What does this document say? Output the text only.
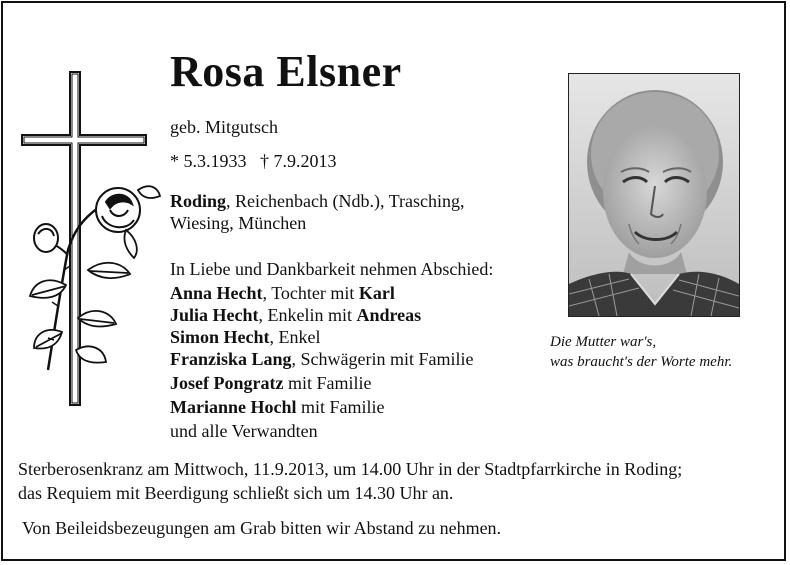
Rosa Elsner
geb. Mitgutsch
* 5.3.1933   † 7.9.2013
Roding, Reichenbach (Ndb.), Trasching,
Wiesing, München
In Liebe und Dankbarkeit nehmen Abschied:
Anna Hecht, Tochter mit Karl
Julia Hecht, Enkelin mit Andreas
Simon Hecht, Enkel
Franziska Lang, Schwägerin mit Familie
Josef Pongratz mit Familie
Marianne Hochl mit Familie
und alle Verwandten
Die Mutter war's,
was braucht's der Worte mehr.
Sterberosenkranz am Mittwoch, 11.9.2013, um 14.00 Uhr in der Stadtpfarrkirche in Roding;
das Requiem mit Beerdigung schließt sich um 14.30 Uhr an.
Von Beileidsbezeugungen am Grab bitten wir Abstand zu nehmen.
